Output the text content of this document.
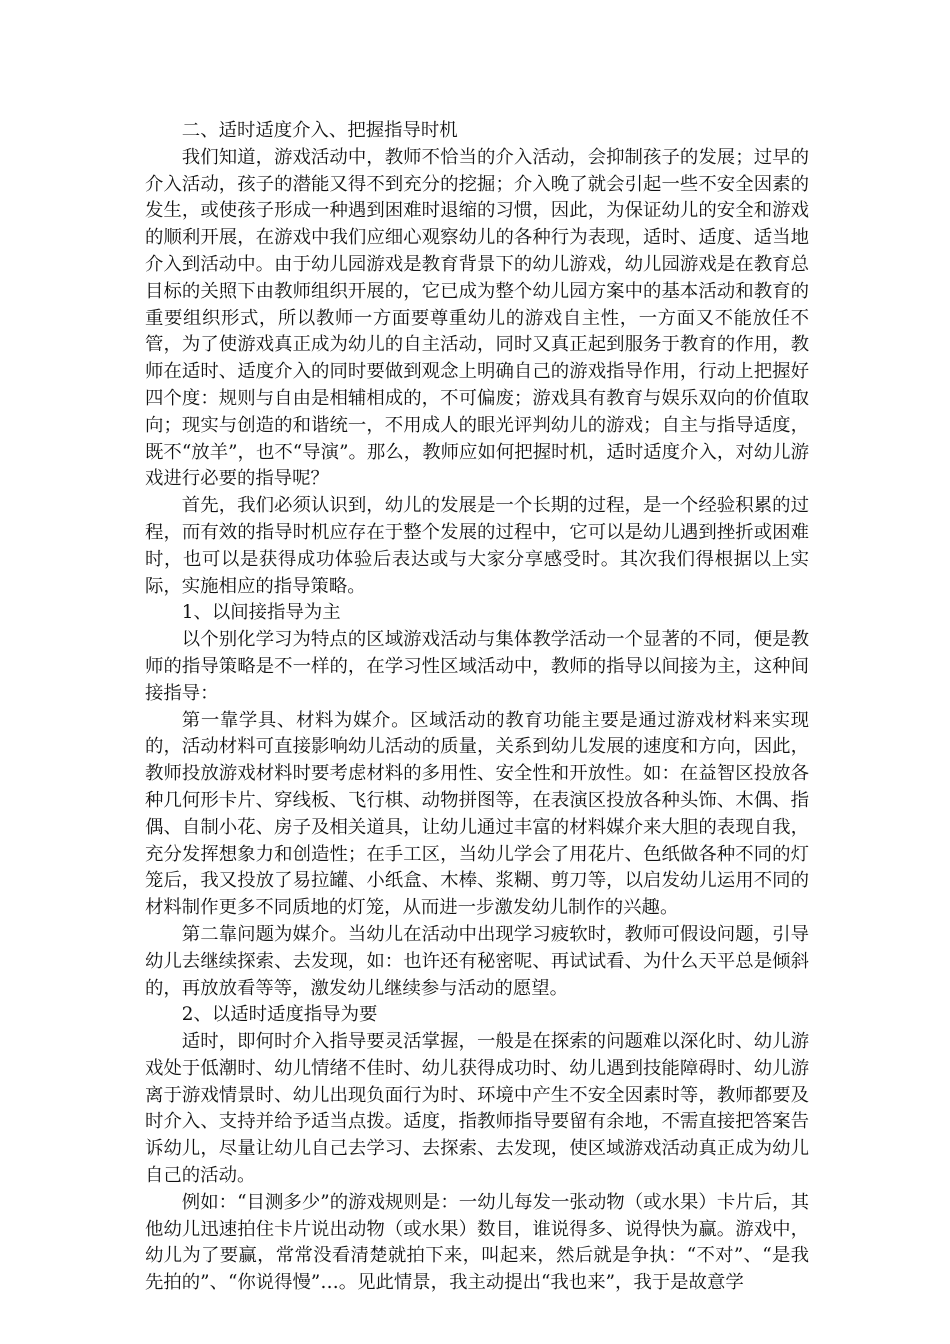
二、适时适度介入、把握指导时机

我们知道，游戏活动中，教师不恰当的介入活动，会抑制孩子的发展；过早的介入活动，孩子的潜能又得不到充分的挖掘；介入晚了就会引起一些不安全因素的发生，或使孩子形成一种遇到困难时退缩的习惯，因此，为保证幼儿的安全和游戏的顺利开展，在游戏中我们应细心观察幼儿的各种行为表现，适时、适度、适当地介入到活动中。由于幼儿园游戏是教育背景下的幼儿游戏，幼儿园游戏是在教育总目标的关照下由教师组织开展的，它已成为整个幼儿园方案中的基本活动和教育的重要组织形式，所以教师一方面要尊重幼儿的游戏自主性，一方面又不能放任不管，为了使游戏真正成为幼儿的自主活动，同时又真正起到服务于教育的作用，教师在适时、适度介入的同时要做到观念上明确自己的游戏指导作用，行动上把握好四个度：规则与自由是相辅相成的，不可偏废；游戏具有教育与娱乐双向的价值取向；现实与创造的和谐统一，不用成人的眼光评判幼儿的游戏；自主与指导适度，既不“放羊”，也不“导演”。那么，教师应如何把握时机，适时适度介入，对幼儿游戏进行必要的指导呢？

首先，我们必须认识到，幼儿的发展是一个长期的过程，是一个经验积累的过程，而有效的指导时机应存在于整个发展的过程中，它可以是幼儿遇到挫折或困难时，也可以是获得成功体验后表达或与大家分享感受时。其次我们得根据以上实际，实施相应的指导策略。

1、以间接指导为主

以个别化学习为特点的区域游戏活动与集体教学活动一个显著的不同，便是教师的指导策略是不一样的，在学习性区域活动中，教师的指导以间接为主，这种间接指导：

第一靠学具、材料为媒介。区域活动的教育功能主要是通过游戏材料来实现的，活动材料可直接影响幼儿活动的质量，关系到幼儿发展的速度和方向，因此，教师投放游戏材料时要考虑材料的多用性、安全性和开放性。如：在益智区投放各种几何形卡片、穿线板、飞行棋、动物拼图等，在表演区投放各种头饰、木偶、指偶、自制小花、房子及相关道具，让幼儿通过丰富的材料媒介来大胆的表现自我，充分发挥想象力和创造性；在手工区，当幼儿学会了用花片、色纸做各种不同的灯笼后，我又投放了易拉罐、小纸盒、木棒、浆糊、剪刀等，以启发幼儿运用不同的材料制作更多不同质地的灯笼，从而进一步激发幼儿制作的兴趣。

第二靠问题为媒介。当幼儿在活动中出现学习疲软时，教师可假设问题，引导幼儿去继续探索、去发现，如：也许还有秘密呢、再试试看、为什么天平总是倾斜的，再放放看等等，激发幼儿继续参与活动的愿望。

2、以适时适度指导为要

适时，即何时介入指导要灵活掌握，一般是在探索的问题难以深化时、幼儿游戏处于低潮时、幼儿情绪不佳时、幼儿获得成功时、幼儿遇到技能障碍时、幼儿游离于游戏情景时、幼儿出现负面行为时、环境中产生不安全因素时等，教师都要及时介入、支持并给予适当点拨。适度，指教师指导要留有余地，不需直接把答案告诉幼儿，尽量让幼儿自己去学习、去探索、去发现，使区域游戏活动真正成为幼儿自己的活动。

例如：“目测多少”的游戏规则是：一幼儿每发一张动物（或水果）卡片后，其他幼儿迅速拍住卡片说出动物（或水果）数目，谁说得多、说得快为赢。游戏中，幼儿为了要赢，常常没看清楚就拍下来，叫起来，然后就是争执：“不对”、“是我先拍的”、“你说得慢”…。见此情景，我主动提出“我也来”，我于是故意学
